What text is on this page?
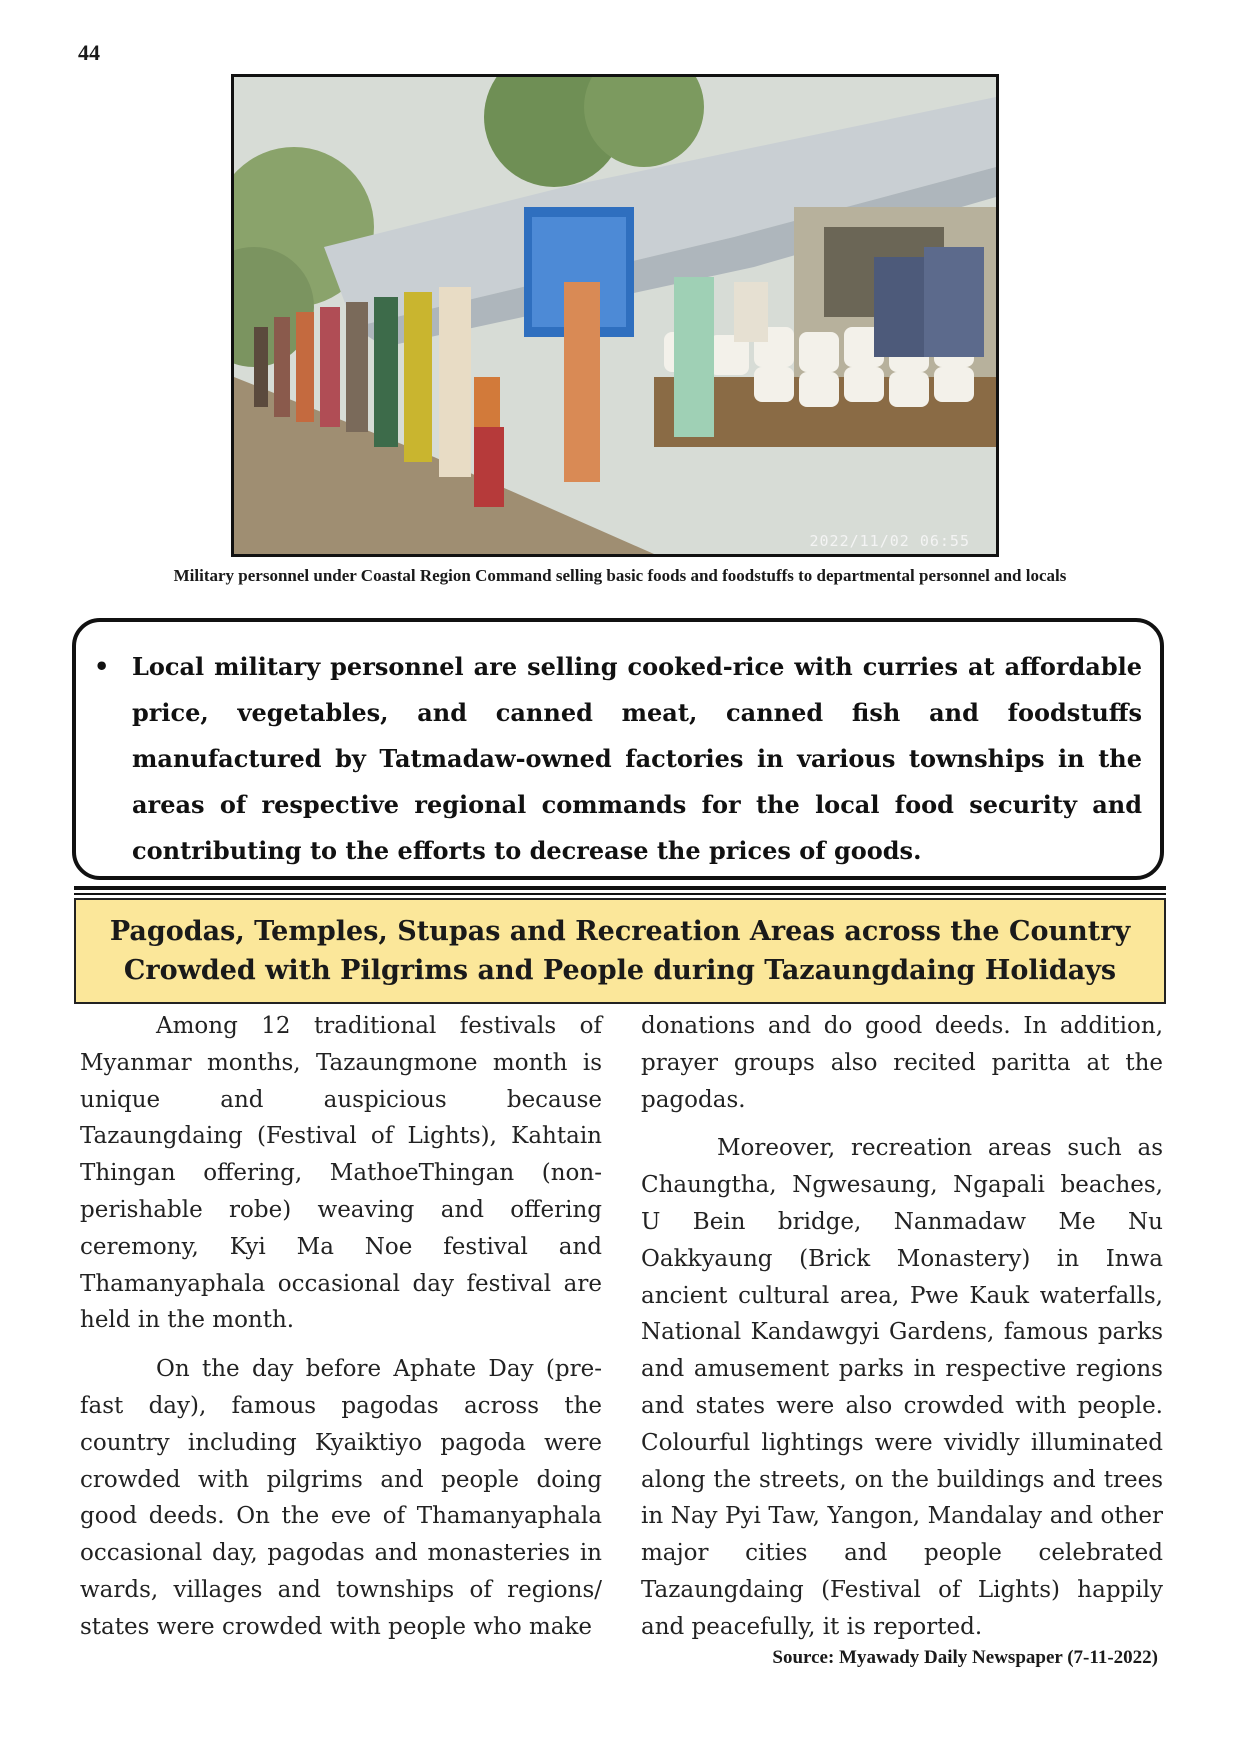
44
2022/11/02 06:55
Military personnel under Coastal Region Command selling basic foods and foodstuffs to departmental personnel and locals
• Local military personnel are selling cooked-rice with curries at affordable price, vegetables, and canned meat, canned fish and foodstuffs manufactured by Tatmadaw-owned factories in various townships in the areas of respective regional commands for the local food security and contributing to the efforts to decrease the prices of goods.
Pagodas, Temples, Stupas and Recreation Areas across the Country Crowded with Pilgrims and People during Tazaungdaing Holidays

Among 12 traditional festivals of Myanmar months, Tazaungmone month is unique and auspicious because Tazaungdaing (Festival of Lights), Kahtain Thingan offering, MathoeThingan (non-perishable robe) weaving and offering ceremony, Kyi Ma Noe festival and Thamanyaphala occasional day festival are held in the month.

On the day before Aphate Day (pre-fast day), famous pagodas across the country including Kyaiktiyo pagoda were crowded with pilgrims and people doing good deeds. On the eve of Thamanyaphala occasional day, pagodas and monasteries in wards, villages and townships of regions/ states were crowded with people who make

donations and do good deeds. In addition, prayer groups also recited paritta at the pagodas.

Moreover, recreation areas such as Chaungtha, Ngwesaung, Ngapali beaches, U Bein bridge, Nanmadaw Me Nu Oakkyaung (Brick Monastery) in Inwa ancient cultural area, Pwe Kauk waterfalls, National Kandawgyi Gardens, famous parks and amusement parks in respective regions and states were also crowded with people. Colourful lightings were vividly illuminated along the streets, on the buildings and trees in Nay Pyi Taw, Yangon, Mandalay and other major cities and people celebrated Tazaungdaing (Festival of Lights) happily and peacefully, it is reported.

Source: Myawady Daily Newspaper (7-11-2022)
